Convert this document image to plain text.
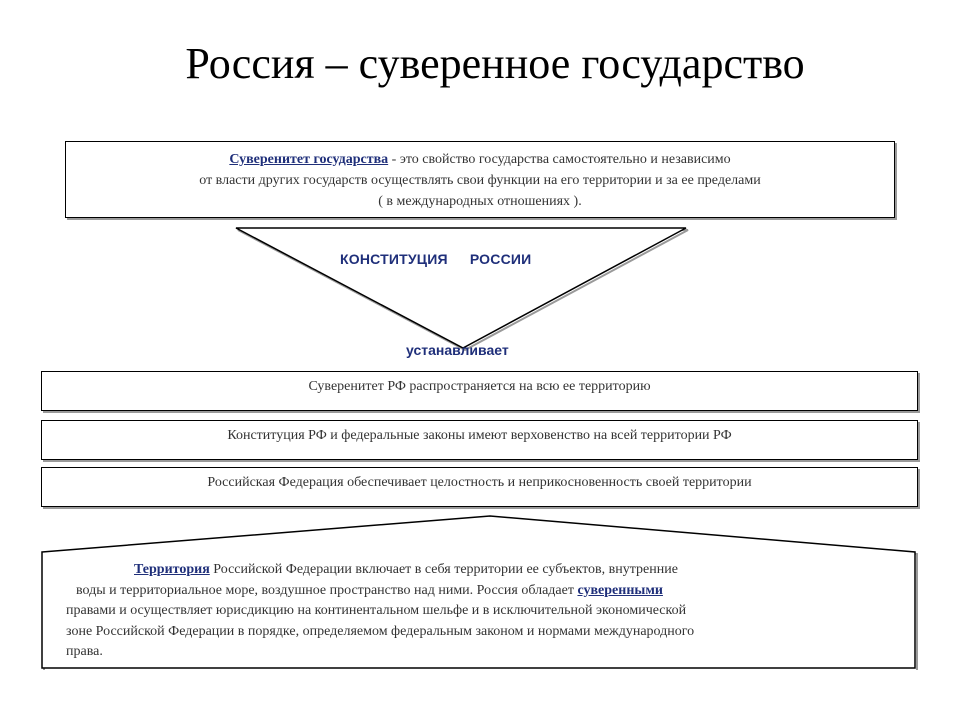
Россия – суверенное государство
Суверенитет государства - это свойство государства самостоятельно и независимо
от власти других государств осуществлять свои функции на его территории и за ее пределами
( в международных отношениях ).
КОНСТИТУЦИЯ РОССИИ
устанавливает
Суверенитет РФ распространяется на всю ее территорию
Конституция РФ и федеральные законы имеют верховенство на всей территории РФ
Российская Федерация обеспечивает целостность и неприкосновенность своей территории
Территория Российской Федерации включает в себя территории ее субъектов, внутренние
воды и территориальное море, воздушное пространство над ними. Россия обладает суверенными
правами и осуществляет юрисдикцию на континентальном шельфе и в исключительной экономической
зоне Российской Федерации в порядке, определяемом федеральным законом и нормами международного
права.
